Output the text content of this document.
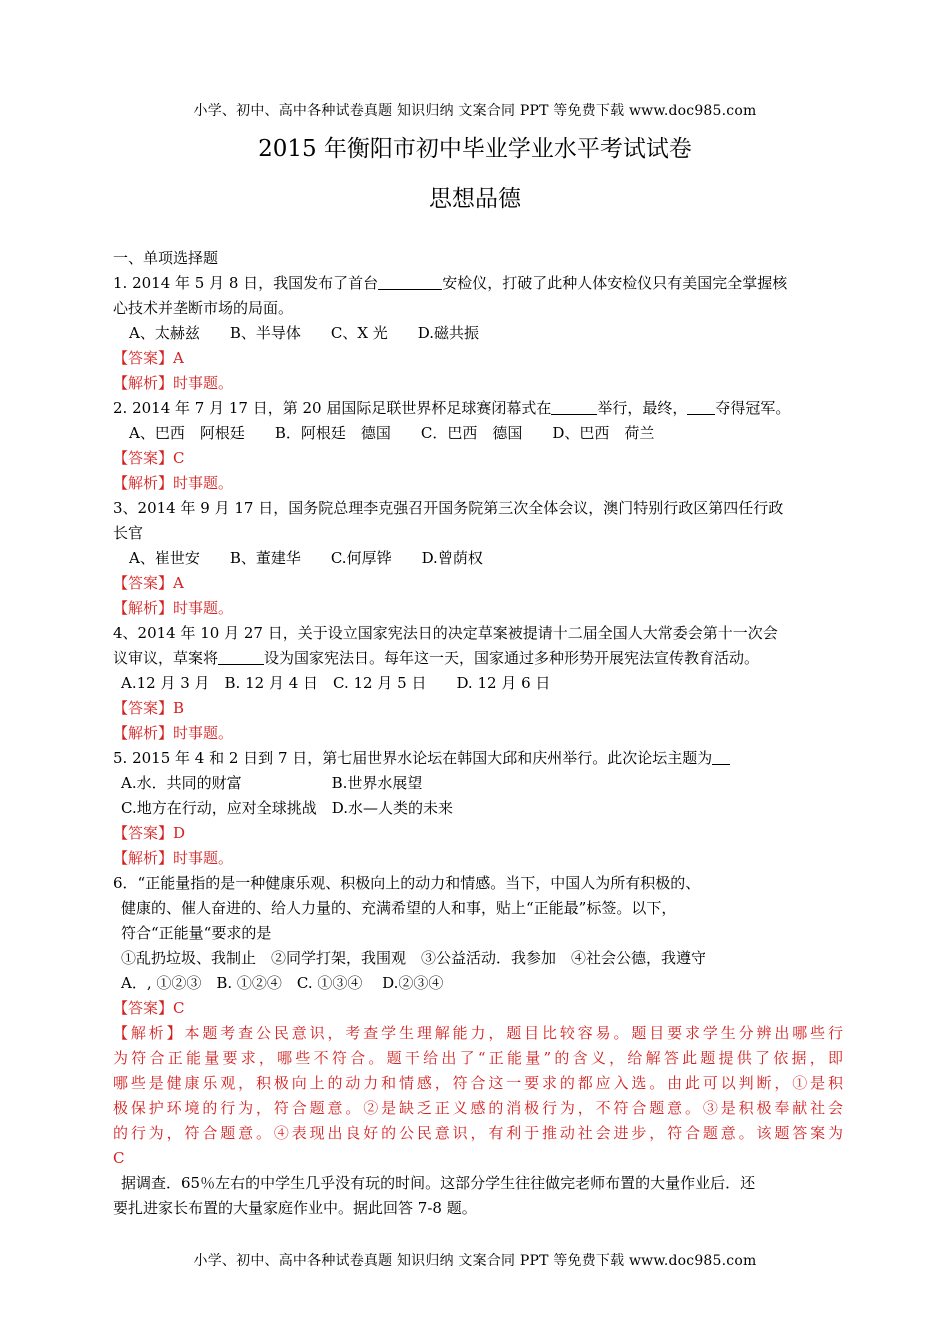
小学、初中、高中各种试卷真题 知识归纳 文案合同 PPT 等免费下载 www.doc985.com
2015 年衡阳市初中毕业学业水平考试试卷
思想品德
一、单项选择题
1. 2014 年 5 月 8 日，我国发布了首台	安检仪，打破了此种人体安检仪只有美国完全掌握核
心技术并垄断市场的局面。
A、太赫兹　　B、半导体　　C、X 光　　D.磁共振
【答案】A
【解析】时事题。
2. 2014 年 7 月 17 日，第 20 届国际足联世界杯足球赛闭幕式在	举行，最终， 夺得冠军。
A、巴西　阿根廷　　B．阿根廷　德国　　C．巴西　德国　　D、巴西　荷兰
【答案】C
【解析】时事题。
3、2014 年 9 月 17 日，国务院总理李克强召开国务院第三次全体会议，澳门特别行政区第四任行政
长官
A、崔世安　　B、董建华　　C.何厚铧　　D.曾荫权
【答案】A
【解析】时事题。
4、2014 年 10 月 27 日，关于设立国家宪法日的决定草案被提请十二届全国人大常委会第十一次会
议审议，草案将	设为国家宪法日。每年这一天，国家通过多种形势开展宪法宣传教育活动。
A.12 月 3 月　B. 12 月 4 日　C. 12 月 5 日　　D. 12 月 6 日
【答案】B
【解析】时事题。
5. 2015 年 4 和 2 日到 7 日，第七届世界水论坛在韩国大邱和庆州举行。此次论坛主题为
A.水．共同的财富　　　　　　B.世界水展望
C.地方在行动，应对全球挑战　D.水—人类的未来
【答案】D
【解析】时事题。
6．“正能量指的是一种健康乐观、积极向上的动力和情感。当下，中国人为所有积极的、
健康的、催人奋进的、给人力量的、充满希望的人和事，贴上“正能最”标签。以下，
符合“正能量“要求的是
①乱扔垃圾、我制止　②同学打架，我围观　③公益活动．我参加　④社会公德，我遵守
A．, ①②③　B. ①②④　C. ①③④　 D.②③④
【答案】C
【解析】本题考查公民意识，考查学生理解能力，题目比较容易。题目要求学生分辨出哪些行
为符合正能量要求，哪些不符合。题干给出了“正能量”的含义，给解答此题提供了依据，即
哪些是健康乐观，积极向上的动力和情感，符合这一要求的都应入选。由此可以判断，①是积
极保护环境的行为，符合题意。②是缺乏正义感的消极行为，不符合题意。③是积极奉献社会
的行为，符合题意。④表现出良好的公民意识，有利于推动社会进步，符合题意。该题答案为
C
据调查．65％左右的中学生几乎没有玩的时间。这部分学生往往做完老师布置的大量作业后．还
要扎进家长布置的大量家庭作业中。据此回答 7-8 题。
小学、初中、高中各种试卷真题 知识归纳 文案合同 PPT 等免费下载 www.doc985.com
